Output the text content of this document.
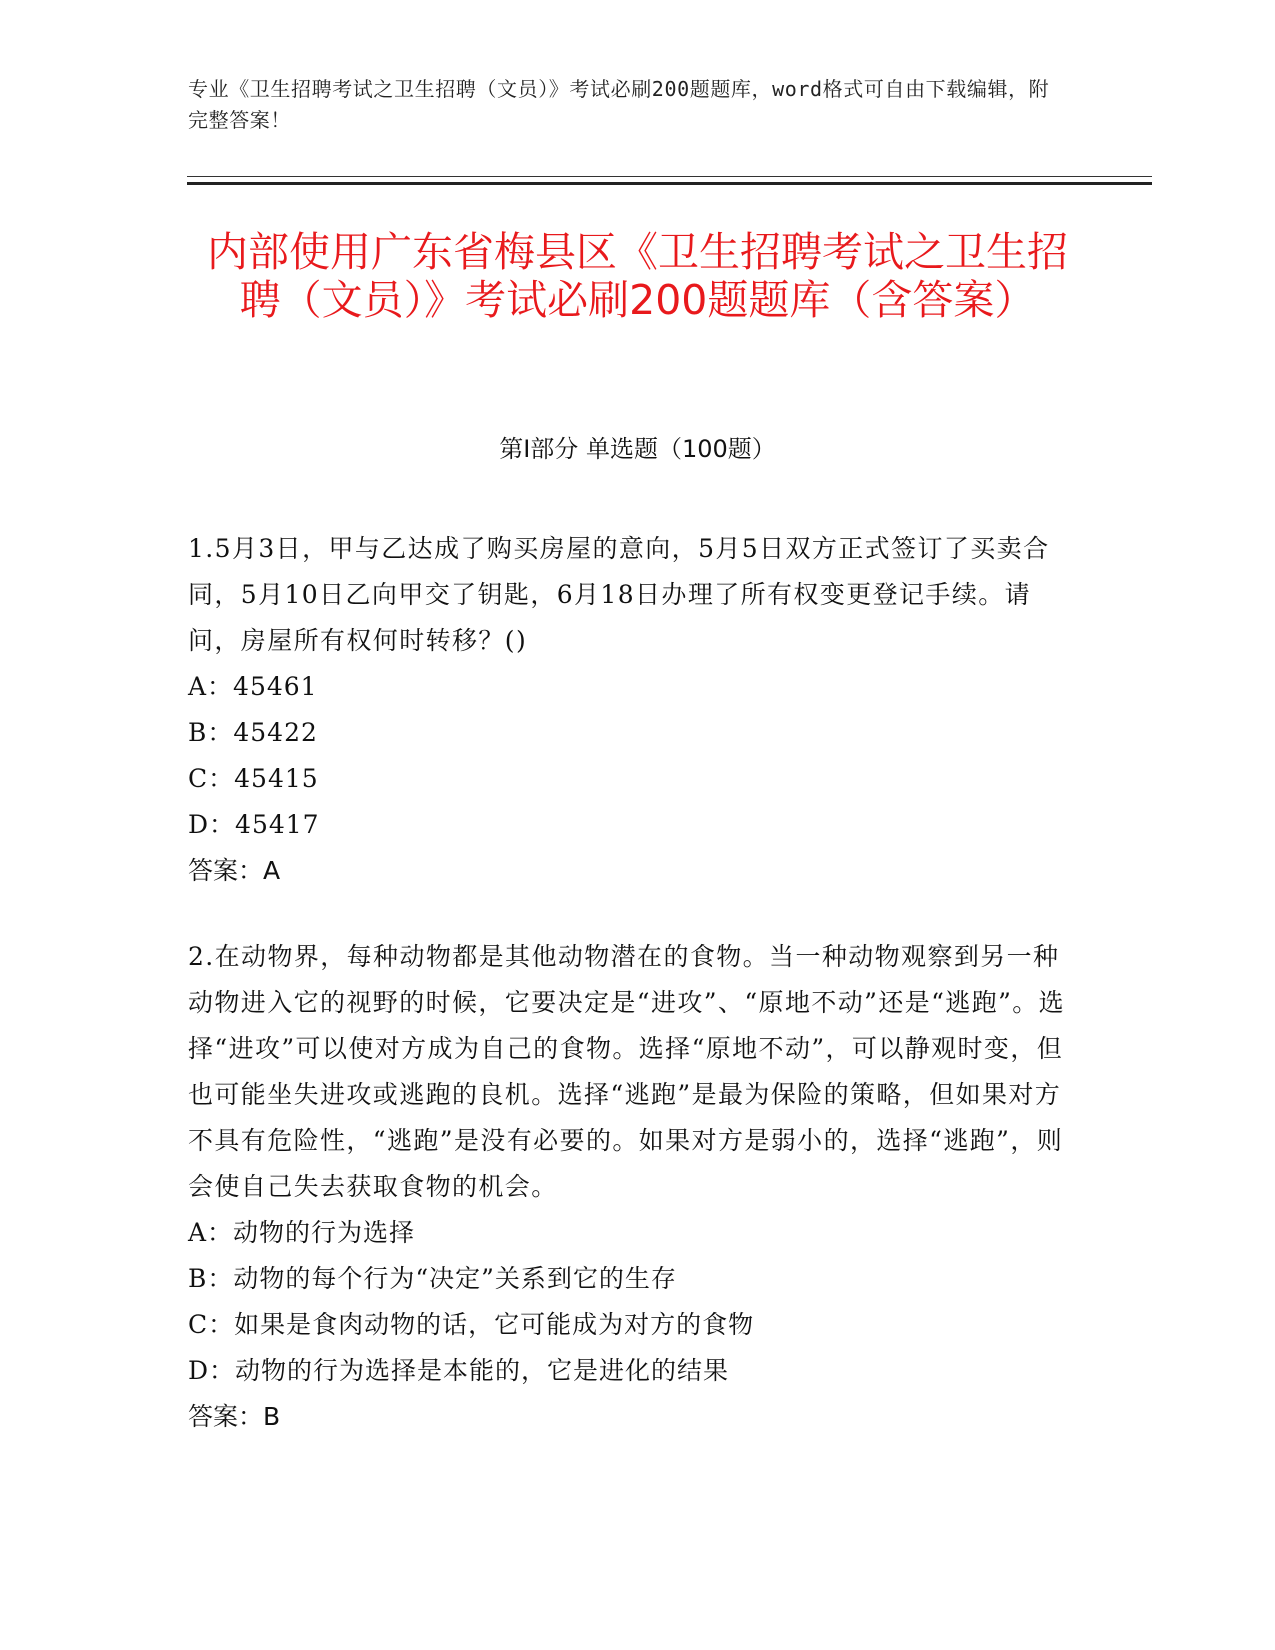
专业《卫生招聘考试之卫生招聘（文员）》考试必刷200题题库，word格式可自由下载编辑，附完整答案！
内部使用广东省梅县区《卫生招聘考试之卫生招聘（文员）》考试必刷200题题库（含答案）
第I部分 单选题（100题）

1.5月3日，甲与乙达成了购买房屋的意向，5月5日双方正式签订了买卖合同，5月10日乙向甲交了钥匙，6月18日办理了所有权变更登记手续。请问，房屋所有权何时转移？()

A：45461
B：45422
C：45415
D：45417

答案：A

2.在动物界，每种动物都是其他动物潜在的食物。当一种动物观察到另一种动物进入它的视野的时候，它要决定是“进攻”、“原地不动”还是“逃跑”。选择“进攻”可以使对方成为自己的食物。选择“原地不动”，可以静观时变，但也可能坐失进攻或逃跑的良机。选择“逃跑”是最为保险的策略，但如果对方不具有危险性，“逃跑”是没有必要的。如果对方是弱小的，选择“逃跑”，则会使自己失去获取食物的机会。

A：动物的行为选择
B：动物的每个行为“决定”关系到它的生存
C：如果是食肉动物的话，它可能成为对方的食物
D：动物的行为选择是本能的，它是进化的结果

答案：B
